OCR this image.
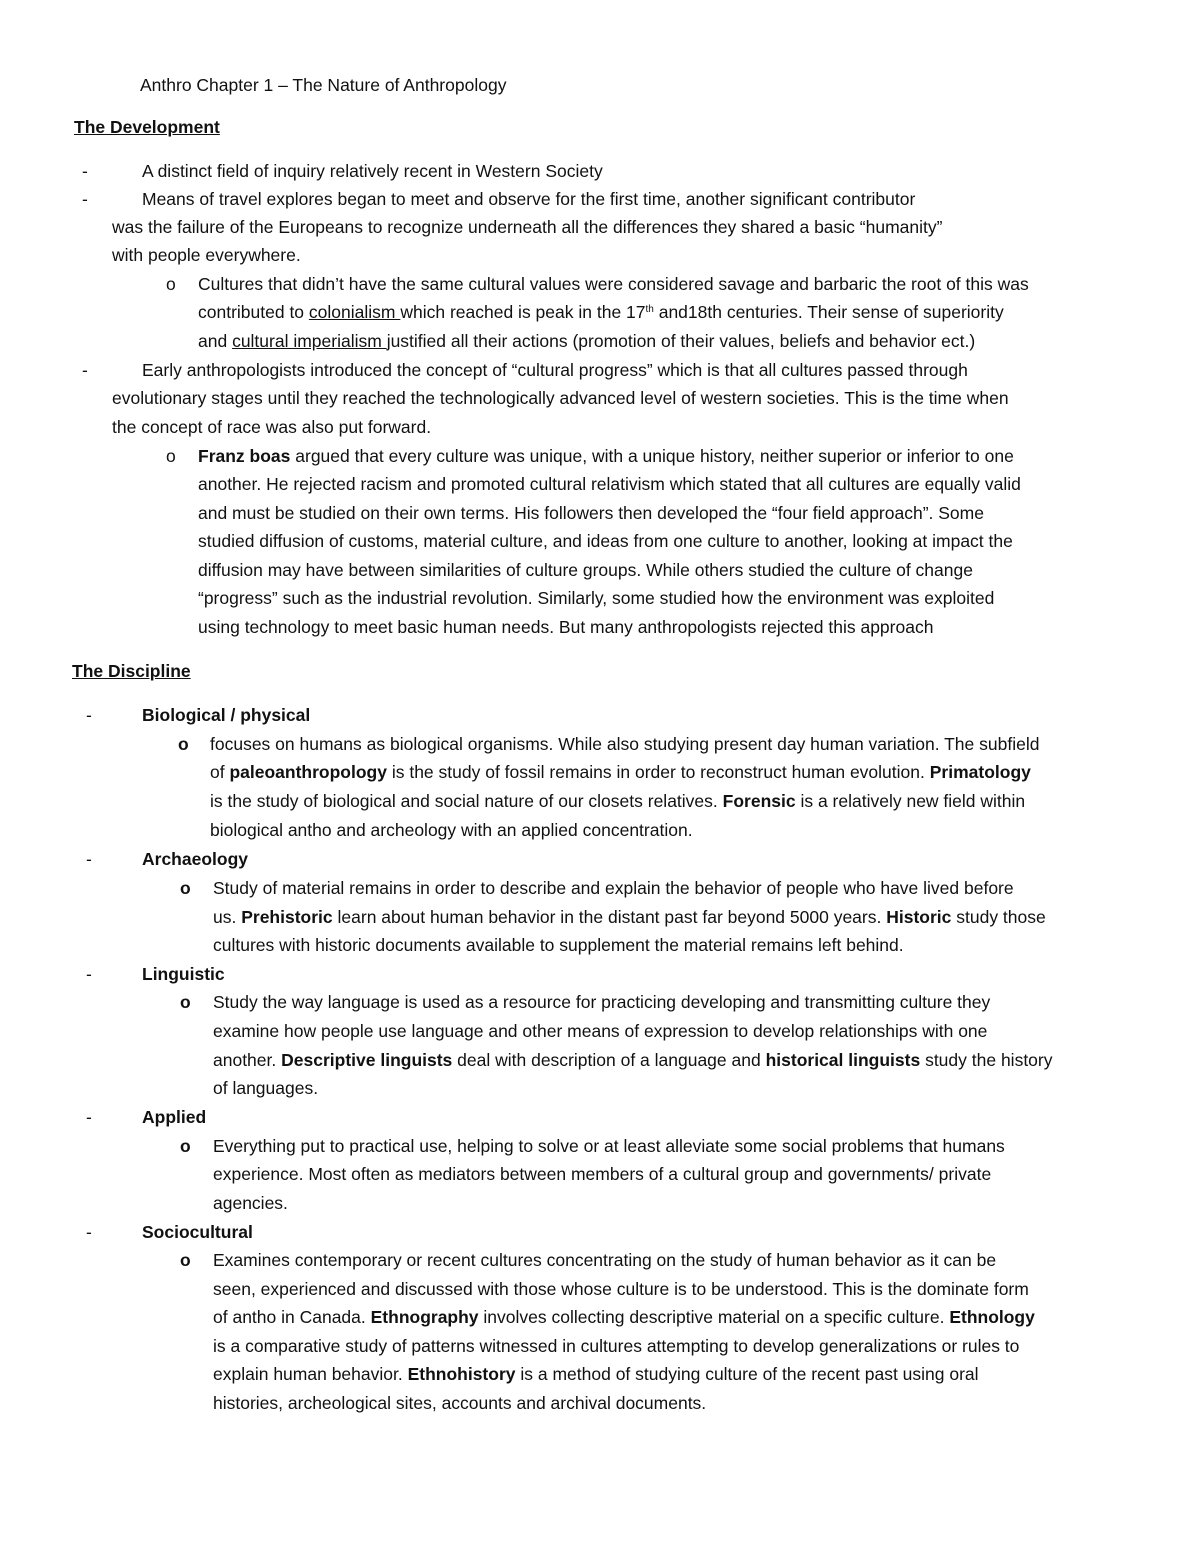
Anthro Chapter 1 – The Nature of Anthropology
The Development
-	A distinct field of inquiry relatively recent in Western Society
-	Means of travel explores began to meet and observe for the first time, another significant contributor
was the failure of the Europeans to recognize underneath all the differences they shared a basic “humanity”
with people everywhere.
o Cultures that didn’t have the same cultural values were considered savage and barbaric the root of this was
contributed to colonialism which reached is peak in the 17th and18th centuries. Their sense of superiority
and cultural imperialism justified all their actions (promotion of their values, beliefs and behavior ect.)
-	Early anthropologists introduced the concept of “cultural progress” which is that all cultures passed through
evolutionary stages until they reached the technologically advanced level of western societies. This is the time when
the concept of race was also put forward.
o Franz boas argued that every culture was unique, with a unique history, neither superior or inferior to one
another. He rejected racism and promoted cultural relativism which stated that all cultures are equally valid
and must be studied on their own terms. His followers then developed the “four field approach”. Some
studied diffusion of customs, material culture, and ideas from one culture to another, looking at impact the
diffusion may have between similarities of culture groups. While others studied the culture of change
“progress” such as the industrial revolution. Similarly, some studied how the environment was exploited
using technology to meet basic human needs. But many anthropologists rejected this approach
The Discipline
-	Biological / physical
o focuses on humans as biological organisms. While also studying present day human variation. The subfield
of paleoanthropology is the study of fossil remains in order to reconstruct human evolution. Primatology
is the study of biological and social nature of our closets relatives. Forensic is a relatively new field within
biological antho and archeology with an applied concentration.
-	Archaeology
o Study of material remains in order to describe and explain the behavior of people who have lived before
us. Prehistoric learn about human behavior in the distant past far beyond 5000 years. Historic study those
cultures with historic documents available to supplement the material remains left behind.
-	Linguistic
o Study the way language is used as a resource for practicing developing and transmitting culture they
examine how people use language and other means of expression to develop relationships with one
another. Descriptive linguists deal with description of a language and historical linguists study the history
of languages.
-	Applied
o Everything put to practical use, helping to solve or at least alleviate some social problems that humans
experience. Most often as mediators between members of a cultural group and governments/ private
agencies.
-	Sociocultural
o Examines contemporary or recent cultures concentrating on the study of human behavior as it can be
seen, experienced and discussed with those whose culture is to be understood. This is the dominate form
of antho in Canada. Ethnography involves collecting descriptive material on a specific culture. Ethnology
is a comparative study of patterns witnessed in cultures attempting to develop generalizations or rules to
explain human behavior. Ethnohistory is a method of studying culture of the recent past using oral
histories, archeological sites, accounts and archival documents.
